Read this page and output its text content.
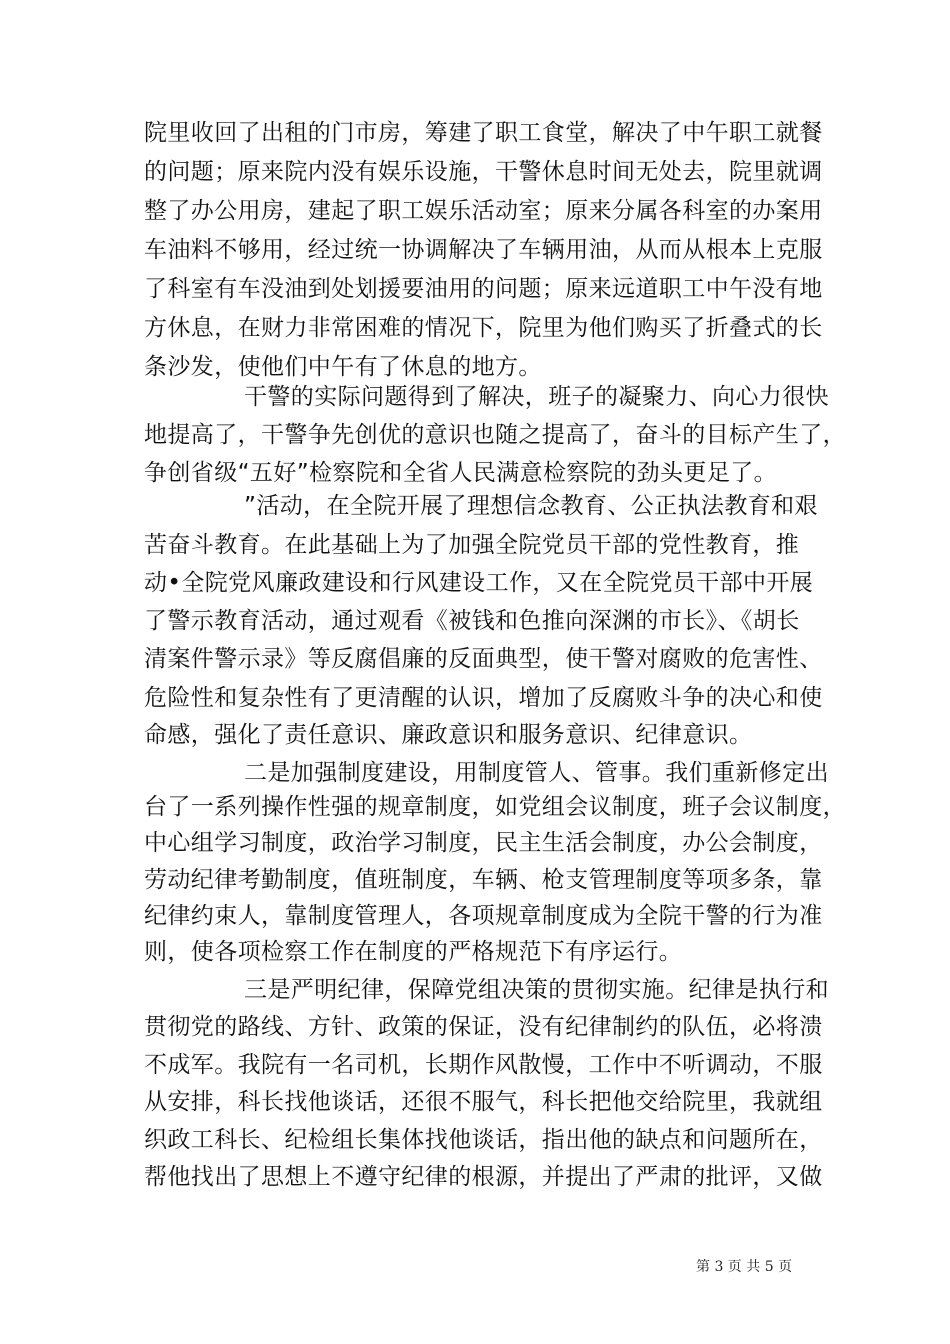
院里收回了出租的门市房，筹建了职工食堂，解决了中午职工就餐
的问题；原来院内没有娱乐设施，干警休息时间无处去，院里就调
整了办公用房，建起了职工娱乐活动室；原来分属各科室的办案用
车油料不够用，经过统一协调解决了车辆用油，从而从根本上克服
了科室有车没油到处划援要油用的问题；原来远道职工中午没有地
方休息，在财力非常困难的情况下，院里为他们购买了折叠式的长
条沙发，使他们中午有了休息的地方。
干警的实际问题得到了解决，班子的凝聚力、向心力很快
地提高了，干警争先创优的意识也随之提高了，奋斗的目标产生了，
争创省级“五好”检察院和全省人民满意检察院的劲头更足了。
”活动，在全院开展了理想信念教育、公正执法教育和艰
苦奋斗教育。在此基础上为了加强全院党员干部的党性教育，推
动•全院党风廉政建设和行风建设工作，又在全院党员干部中开展
了警示教育活动，通过观看《被钱和色推向深渊的市长》、《胡长
清案件警示录》等反腐倡廉的反面典型，使干警对腐败的危害性、
危险性和复杂性有了更清醒的认识，增加了反腐败斗争的决心和使
命感，强化了责任意识、廉政意识和服务意识、纪律意识。
二是加强制度建设，用制度管人、管事。我们重新修定出
台了一系列操作性强的规章制度，如党组会议制度，班子会议制度，
中心组学习制度，政治学习制度，民主生活会制度，办公会制度，
劳动纪律考勤制度，值班制度，车辆、枪支管理制度等项多条，靠
纪律约束人，靠制度管理人，各项规章制度成为全院干警的行为准
则，使各项检察工作在制度的严格规范下有序运行。
三是严明纪律，保障党组决策的贯彻实施。纪律是执行和
贯彻党的路线、方针、政策的保证，没有纪律制约的队伍，必将溃
不成军。我院有一名司机，长期作风散慢，工作中不听调动，不服
从安排，科长找他谈话，还很不服气，科长把他交给院里，我就组
织政工科长、纪检组长集体找他谈话，指出他的缺点和问题所在，
帮他找出了思想上不遵守纪律的根源，并提出了严肃的批评，又做
第 3 页 共 5 页
